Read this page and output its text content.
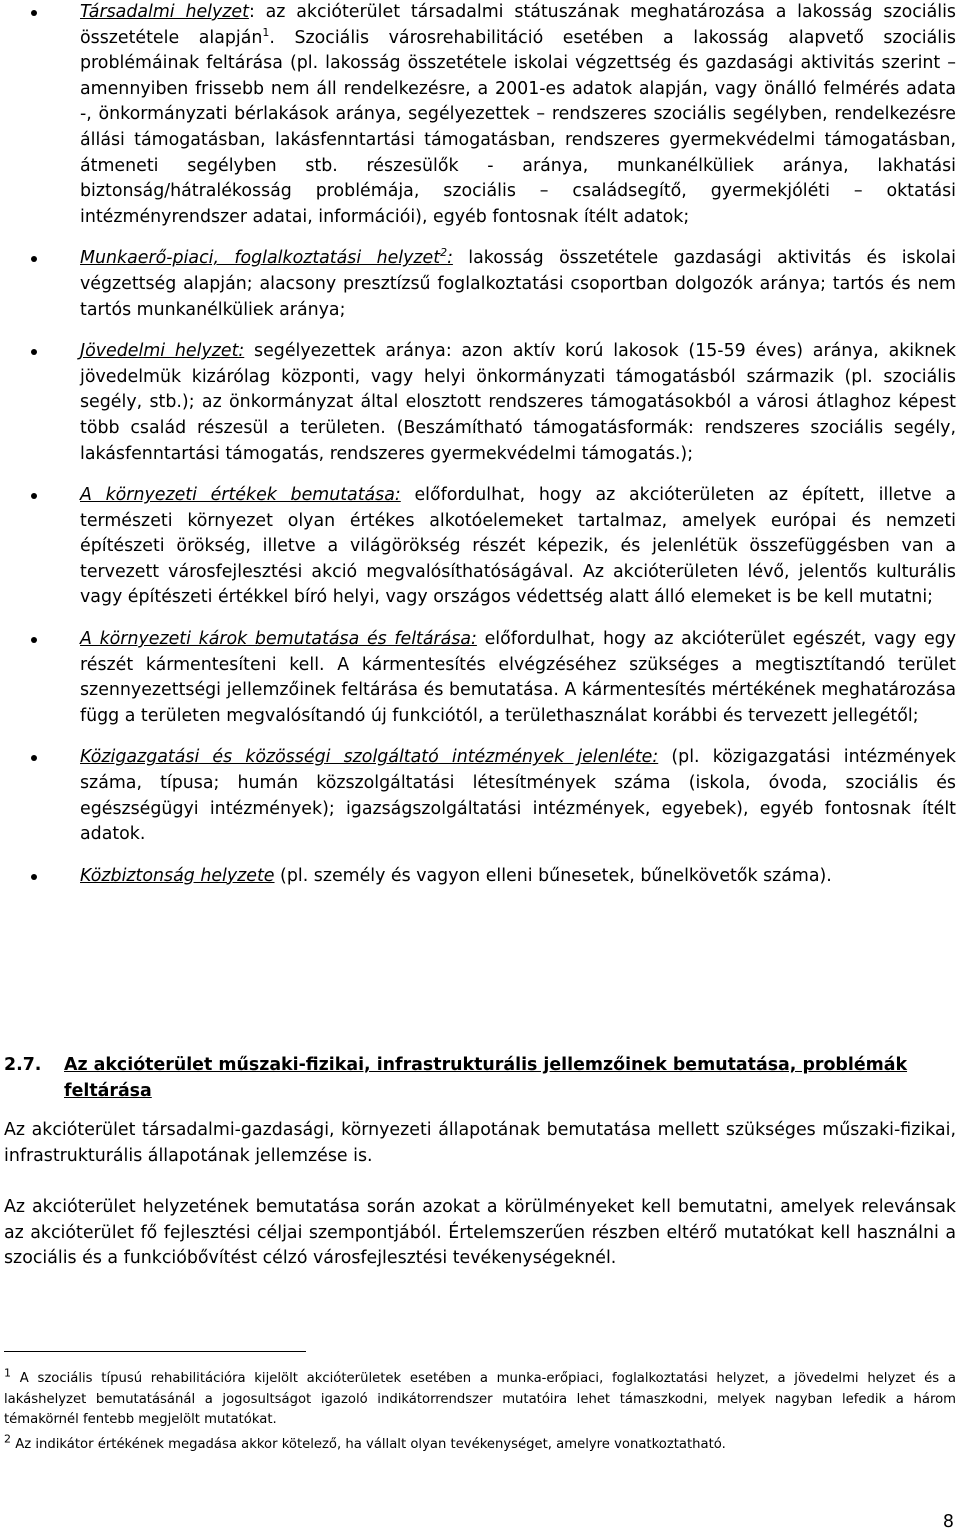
Társadalmi helyzet: az akcióterület társadalmi státuszának meghatározása a lakosság szociális összetétele alapján$^1$. Szociális városrehabilitáció esetében a lakosság alapvető szociális problémáinak feltárása (pl. lakosság összetétele iskolai végzettség és gazdasági aktivitás szerint – amennyiben frissebb nem áll rendelkezésre, a 2001-es adatok alapján, vagy önálló felmérés adata -, önkormányzati bérlakások aránya, segélyezettek – rendszeres szociális segélyben, rendelkezésre állási támogatásban, lakásfenntartási támogatásban, rendszeres gyermekvédelmi támogatásban, átmeneti segélyben stb. részesülők - aránya, munkanélküliek aránya, lakhatási biztonság/hátralékosság problémája, szociális – családsegítő, gyermekjóléti – oktatási intézményrendszer adatai, információi), egyéb fontosnak ítélt adatok;
Munkaerő-piaci, foglalkoztatási helyzet$^2$: lakosság összetétele gazdasági aktivitás és iskolai végzettség alapján; alacsony presztízsű foglalkoztatási csoportban dolgozók aránya; tartós és nem tartós munkanélküliek aránya;
Jövedelmi helyzet: segélyezettek aránya: azon aktív korú lakosok (15-59 éves) aránya, akiknek jövedelmük kizárólag központi, vagy helyi önkormányzati támogatásból származik (pl. szociális segély, stb.); az önkormányzat által elosztott rendszeres támogatásokból a városi átlaghoz képest több család részesül a területen. (Beszámítható támogatásformák: rendszeres szociális segély, lakásfenntartási támogatás, rendszeres gyermekvédelmi támogatás.);
A környezeti értékek bemutatása: előfordulhat, hogy az akcióterületen az épített, illetve a természeti környezet olyan értékes alkotóelemeket tartalmaz, amelyek európai és nemzeti építészeti örökség, illetve a világörökség részét képezik, és jelenlétük összefüggésben van a tervezett városfejlesztési akció megvalósíthatóságával. Az akcióterületen lévő, jelentős kulturális vagy építészeti értékkel bíró helyi, vagy országos védettség alatt álló elemeket is be kell mutatni;
A környezeti károk bemutatása és feltárása: előfordulhat, hogy az akcióterület egészét, vagy egy részét kármentesíteni kell. A kármentesítés elvégzéséhez szükséges a megtisztítandó terület szennyezettségi jellemzőinek feltárása és bemutatása. A kármentesítés mértékének meghatározása függ a területen megvalósítandó új funkciótól, a területhasználat korábbi és tervezett jellegétől;
Közigazgatási és közösségi szolgáltató intézmények jelenléte: (pl. közigazgatási intézmények száma, típusa; humán közszolgáltatási létesítmények száma (iskola, óvoda, szociális és egészségügyi intézmények); igazságszolgáltatási intézmények, egyebek), egyéb fontosnak ítélt adatok.
Közbiztonság helyzete (pl. személy és vagyon elleni bűnesetek, bűnelkövetők száma).
2.7. Az akcióterület műszaki-fizikai, infrastrukturális jellemzőinek bemutatása, problémák feltárása

Az akcióterület társadalmi-gazdasági, környezeti állapotának bemutatása mellett szükséges műszaki-fizikai, infrastrukturális állapotának jellemzése is.

Az akcióterület helyzetének bemutatása során azokat a körülményeket kell bemutatni, amelyek relevánsak az akcióterület fő fejlesztési céljai szempontjából. Értelemszerűen részben eltérő mutatókat kell használni a szociális és a funkcióbővítést célzó városfejlesztési tevékenységeknél.

$^1$ A szociális típusú rehabilitációra kijelölt akcióterületek esetében a munka-erőpiaci, foglalkoztatási helyzet, a jövedelmi helyzet és a lakáshelyzet bemutatásánál a jogosultságot igazoló indikátorrendszer mutatóira lehet támaszkodni, melyek nagyban lefedik a három témakörnél fentebb megjelölt mutatókat.

$^2$ Az indikátor értékének megadása akkor kötelező, ha vállalt olyan tevékenységet, amelyre vonatkoztatható.

8
